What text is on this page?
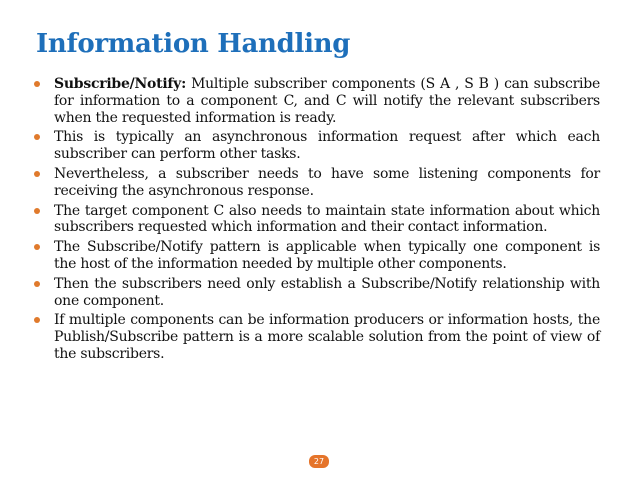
Information Handling
Subscribe/Notify: Multiple subscriber components (S A , S B ) can subscribe for information to a component C, and C will notify the relevant subscribers when the requested information is ready.
This is typically an asynchronous information request after which each subscriber can perform other tasks.
Nevertheless, a subscriber needs to have some listening components for receiving the asynchronous response.
The target component C also needs to maintain state information about which subscribers requested which information and their contact information.
The Subscribe/Notify pattern is applicable when typically one component is the host of the information needed by multiple other components.
Then the subscribers need only establish a Subscribe/Notify relationship with one component.
If multiple components can be information producers or information hosts, the Publish/Subscribe pattern is a more scalable solution from the point of view of the subscribers.
27
